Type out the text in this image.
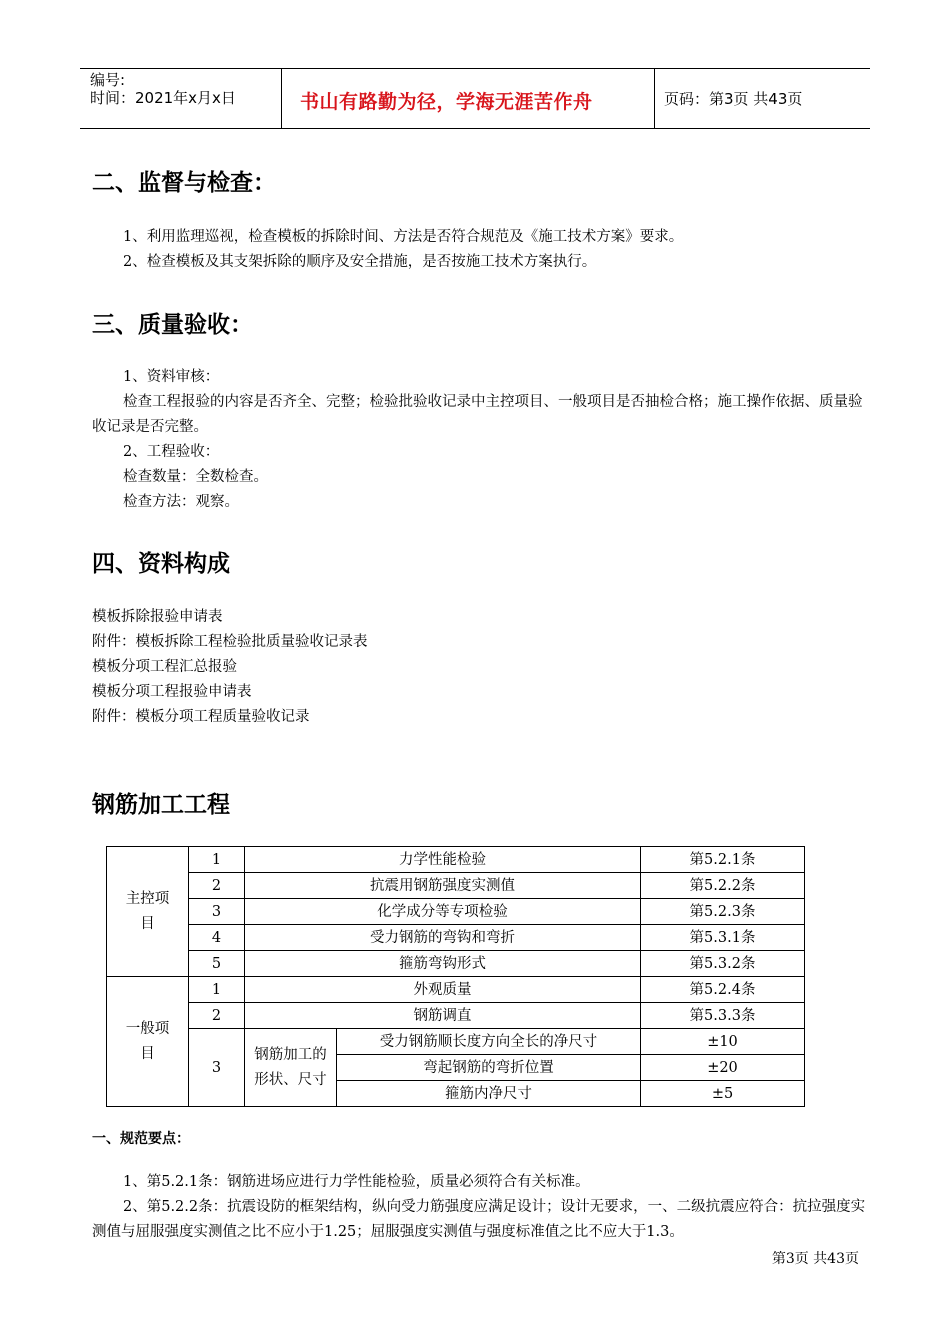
编号:
时间：2021年x月x日	书山有路勤为径，学海无涯苦作舟	页码：第3页 共43页
二、监督与检查：
1、利用监理巡视，检查模板的拆除时间、方法是否符合规范及《施工技术方案》要求。
2、检查模板及其支架拆除的顺序及安全措施，是否按施工技术方案执行。
三、质量验收：
1、资料审核：
检查工程报验的内容是否齐全、完整；检验批验收记录中主控项目、一般项目是否抽检合格；施工操作依据、质量验收记录是否完整。
2、工程验收：
检查数量：全数检查。
检查方法：观察。
四、资料构成
模板拆除报验申请表
附件：模板拆除工程检验批质量验收记录表
模板分项工程汇总报验
模板分项工程报验申请表
附件：模板分项工程质量验收记录
钢筋加工工程
主控项目	1	力学性能检验		第5.2.1条
	2	抗震用钢筋强度实测值		第5.2.2条
	3	化学成分等专项检验		第5.2.3条
	4	受力钢筋的弯钩和弯折		第5.3.1条
	5	箍筋弯钩形式		第5.3.2条
一般项目	1	外观质量		第5.2.4条
	2	钢筋调直		第5.3.3条
	3	钢筋加工的形状、尺寸	受力钢筋顺长度方向全长的净尺寸	±10
			弯起钢筋的弯折位置	±20
			箍筋内净尺寸	±5
一、规范要点：
1、第5.2.1条：钢筋进场应进行力学性能检验，质量必须符合有关标准。
2、第5.2.2条：抗震设防的框架结构，纵向受力筋强度应满足设计；设计无要求，一、二级抗震应符合：抗拉强度实测值与屈服强度实测值之比不应小于1.25；屈服强度实测值与强度标准值之比不应大于1.3。
第3页 共43页
